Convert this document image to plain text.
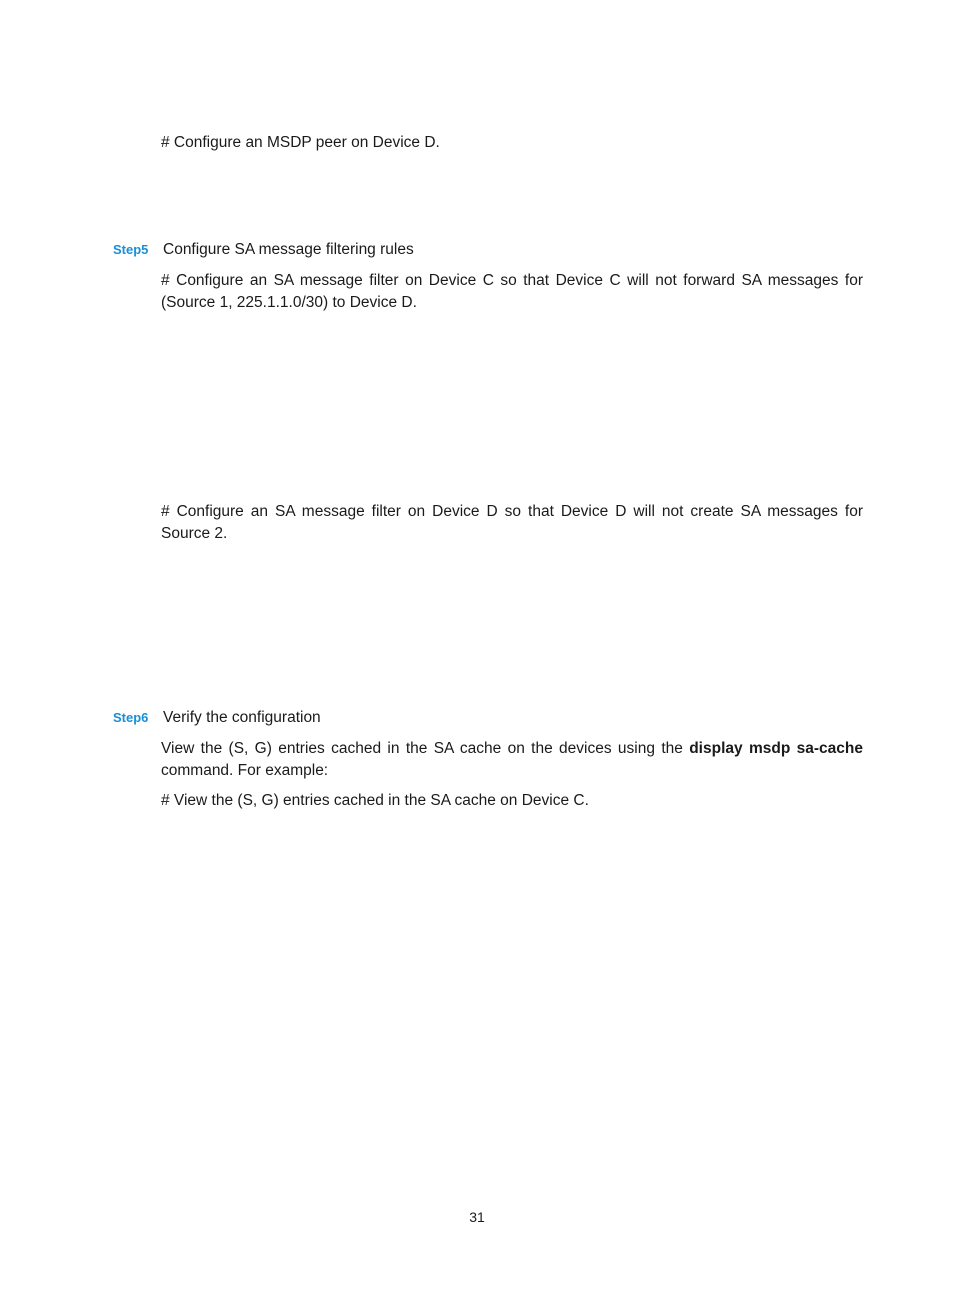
# Configure an MSDP peer on Device D.

Step5 Configure SA message filtering rules

# Configure an SA message filter on Device C so that Device C will not forward SA messages for (Source 1, 225.1.1.0/30) to Device D.

# Configure an SA message filter on Device D so that Device D will not create SA messages for Source 2.

Step6 Verify the configuration

View the (S, G) entries cached in the SA cache on the devices using the display msdp sa-cache command. For example:

# View the (S, G) entries cached in the SA cache on Device C.

31
